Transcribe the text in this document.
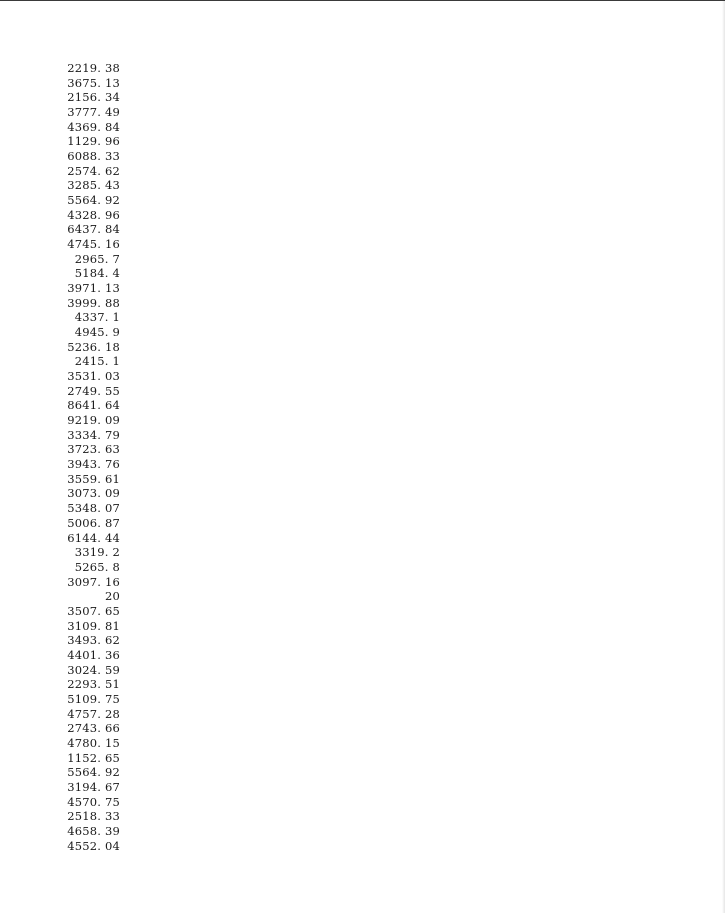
2219. 38
3675. 13
2156. 34
3777. 49
4369. 84
1129. 96
6088. 33
2574. 62
3285. 43
5564. 92
4328. 96
6437. 84
4745. 16
2965. 7
5184. 4
3971. 13
3999. 88
4337. 1
4945. 9
5236. 18
2415. 1
3531. 03
2749. 55
8641. 64
9219. 09
3334. 79
3723. 63
3943. 76
3559. 61
3073. 09
5348. 07
5006. 87
6144. 44
3319. 2
5265. 8
3097. 16
20
3507. 65
3109. 81
3493. 62
4401. 36
3024. 59
2293. 51
5109. 75
4757. 28
2743. 66
4780. 15
1152. 65
5564. 92
3194. 67
4570. 75
2518. 33
4658. 39
4552. 04
